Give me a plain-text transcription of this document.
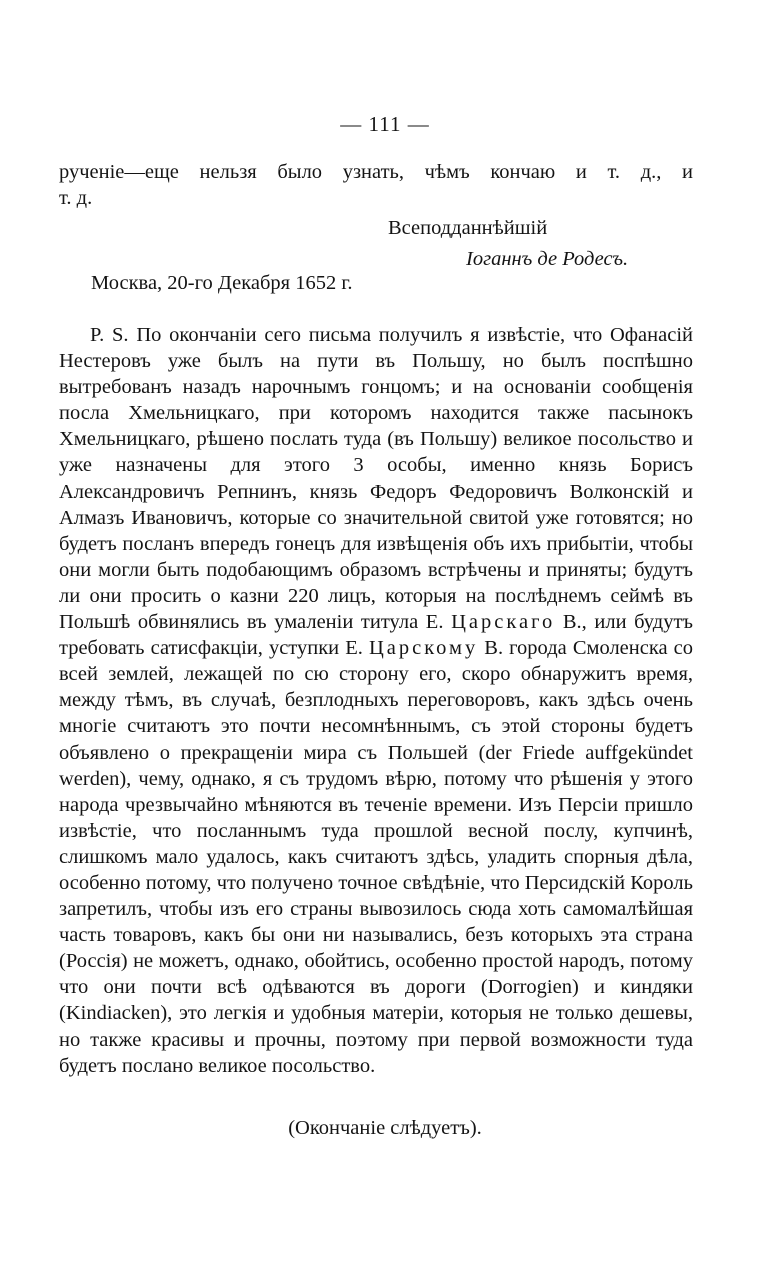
— 111 —
рученіе—еще нельзя было узнать, чѣмъ кончаю и т. д., и
т. д.
Всеподданнѣйшій
Іоганнъ де Родесъ.
Москва, 20-го Декабря 1652 г.

P. S. По окончаніи сего письма получилъ я извѣстіе, что Офанасій Нестеровъ уже былъ на пути въ Польшу, но былъ поспѣшно вытребованъ назадъ нарочнымъ гонцомъ; и на основаніи сообщенія посла Хмельницкаго, при которомъ находится также пасынокъ Хмельницкаго, рѣшено послать туда (въ Польшу) великое посольство и уже назначены для этого 3 особы, именно князь Борисъ Александровичъ Репнинъ, князь Федоръ Федоровичъ Волконскій и Алмазъ Ивановичъ, которые со значительной свитой уже готовятся; но будетъ посланъ впередъ гонецъ для извѣщенія объ ихъ прибытіи, чтобы они могли быть подобающимъ образомъ встрѣчены и приняты; будутъ ли они просить о казни 220 лицъ, которыя на послѣднемъ сеймѣ въ Польшѣ обвинялись въ умаленіи титула Е. Царскаго В., или будутъ требовать сатисфакціи, уступки Е. Царскому В. города Смоленска со всей землей, лежащей по сю сторону его, скоро обнаружитъ время, между тѣмъ, въ случаѣ, безплодныхъ переговоровъ, какъ здѣсь очень многіе считаютъ это почти несомнѣннымъ, съ этой стороны будетъ объявлено о прекращеніи мира съ Польшей (der Friede auffgekündet werden), чему, однако, я съ трудомъ вѣрю, потому что рѣшенія у этого народа чрезвычайно мѣняются въ теченіе времени. Изъ Персіи пришло извѣстіе, что посланнымъ туда прошлой весной послу, купчинѣ, слишкомъ мало удалось, какъ считаютъ здѣсь, уладить спорныя дѣла, особенно потому, что получено точное свѣдѣніе, что Персидскій Король запретилъ, чтобы изъ его страны вывозилось сюда хоть самомалѣйшая часть товаровъ, какъ бы они ни назывались, безъ которыхъ эта страна (Россія) не можетъ, однако, обойтись, особенно простой народъ, потому что они почти всѣ одѣваются въ дороги (Dorrogien) и киндяки (Kindiacken), это легкія и удобныя матеріи, которыя не только дешевы, но также красивы и прочны, поэтому при первой возможности туда будетъ послано великое посольство.

(Окончаніе слѣдуетъ).
